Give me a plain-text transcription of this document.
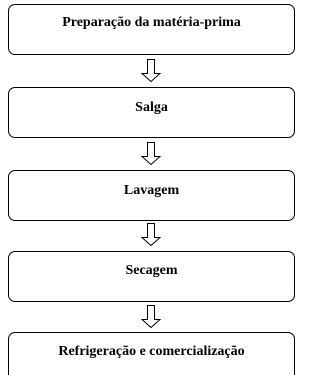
Preparação da matéria-prima
Salga
Lavagem
Secagem
Refrigeração e comercialização
